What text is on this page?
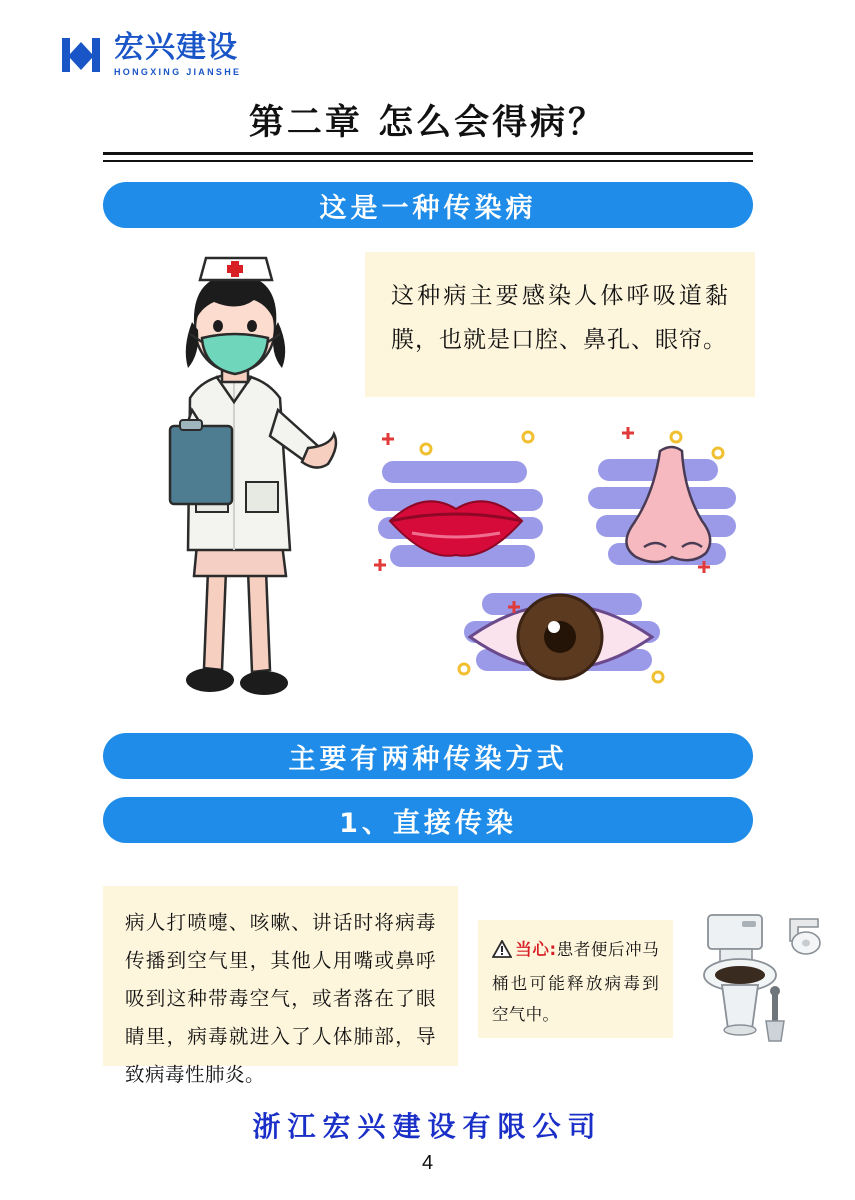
宏兴建设
HONGXING JIANSHE
第二章 怎么会得病？
这是一种传染病
这种病主要感染人体呼吸道黏膜，也就是口腔、鼻孔、眼帘。
主要有两种传染方式
1、直接传染
病人打喷嚏、咳嗽、讲话时将病毒传播到空气里，其他人用嘴或鼻呼吸到这种带毒空气，或者落在了眼睛里，病毒就进入了人体肺部，导致病毒性肺炎。
当心:患者便后冲马桶也可能释放病毒到空气中。
浙江宏兴建设有限公司
4
